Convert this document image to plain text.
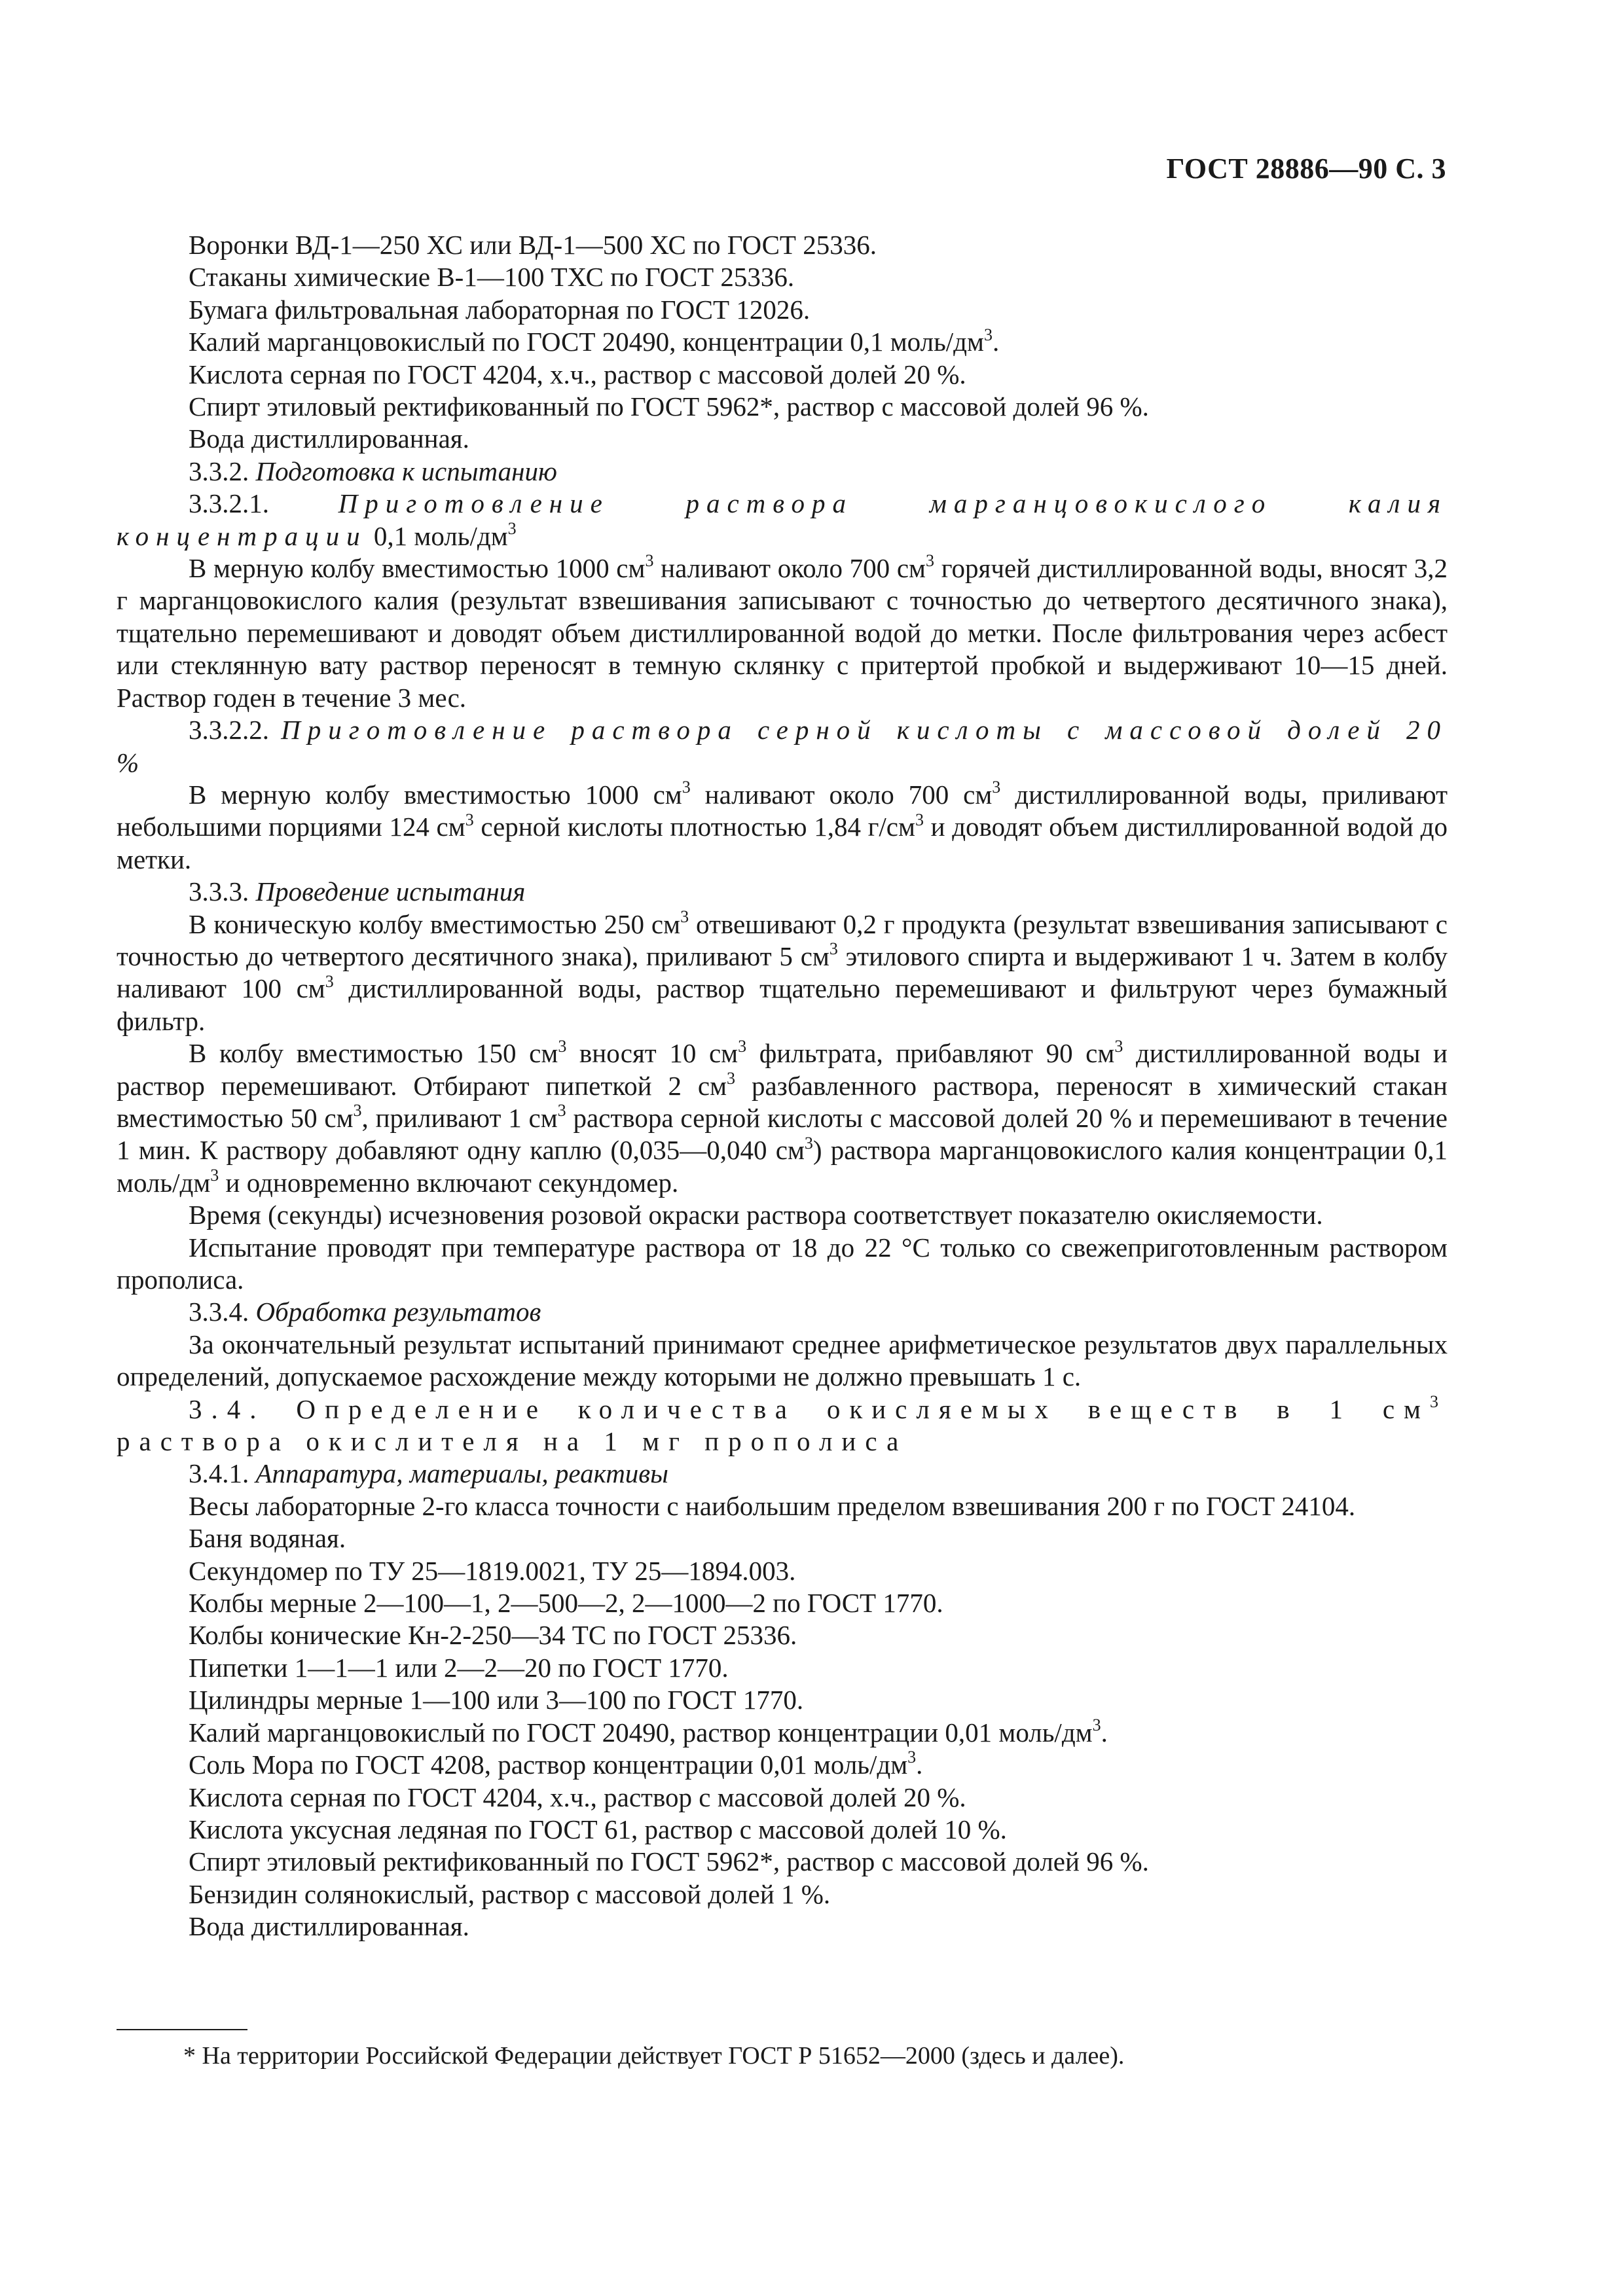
ГОСТ 28886—90 С. 3

Воронки ВД-1—250 ХС или ВД-1—500 ХС по ГОСТ 25336.

Стаканы химические В-1—100 ТХС по ГОСТ 25336.

Бумага фильтровальная лабораторная по ГОСТ 12026.

Калий марганцовокислый по ГОСТ 20490, концентрации 0,1 моль/$дм^3$.

Кислота серная по ГОСТ 4204, х.ч., раствор с массовой долей 20 %.

Спирт этиловый ректификованный по ГОСТ 5962*, раствор с массовой долей 96 %.

Вода дистиллированная.

3.3.2. Подготовка к испытанию

3.3.2.1.	Приготовление раствора марганцовокислого калия концентрации 0,1 моль/$дм^3$

В мерную колбу вместимостью 1000 $см^3$ наливают около 700 $см^3$ горячей дистиллированной воды, вносят 3,2 г марганцовокислого калия (результат взвешивания записывают с точностью до четвертого десятичного знака), тщательно перемешивают и доводят объем дистиллированной водой до метки. После фильтрования через асбест или стеклянную вату раствор переносят в темную склянку с притертой пробкой и выдерживают 10—15 дней. Раствор годен в течение 3 мес.

3.3.2.2. Приготовление раствора серной кислоты с массовой долей 20 %

В мерную колбу вместимостью 1000 $см^3$ наливают около 700 $см^3$ дистиллированной воды, приливают небольшими порциями 124 $см^3$ серной кислоты плотностью 1,84 $г/см^3$ и доводят объем дистиллированной водой до метки.

3.3.3. Проведение испытания

В коническую колбу вместимостью 250 $см^3$ отвешивают 0,2 г продукта (результат взвешивания записывают с точностью до четвертого десятичного знака), приливают 5 $см^3$ этилового спирта и выдерживают 1 ч. Затем в колбу наливают 100 $см^3$ дистиллированной воды, раствор тщательно перемешивают и фильтруют через бумажный фильтр.

В колбу вместимостью 150 $см^3$ вносят 10 $см^3$ фильтрата, прибавляют 90 $см^3$ дистиллированной воды и раствор перемешивают. Отбирают пипеткой 2 $см^3$ разбавленного раствора, переносят в химический стакан вместимостью 50 $см^3$, приливают 1 $см^3$ раствора серной кислоты с массовой долей 20 % и перемешивают в течение 1 мин. К раствору добавляют одну каплю (0,035—0,040 $см^3$) раствора марганцовокислого калия концентрации 0,1 моль/$дм^3$ и одновременно включают секундомер.

Время (секунды) исчезновения розовой окраски раствора соответствует показателю окисляемости.

Испытание проводят при температуре раствора от 18 до 22 °С только со свежеприготовленным раствором прополиса.

3.3.4. Обработка результатов

За окончательный результат испытаний принимают среднее арифметическое результатов двух параллельных определений, допускаемое расхождение между которыми не должно превышать 1 с.

3.4. Определение количества окисляемых веществ в 1 $см^3$ раствора окислителя на 1 мг прополиса

3.4.1. Аппаратура, материалы, реактивы

Весы лабораторные 2-го класса точности с наибольшим пределом взвешивания 200 г по ГОСТ 24104.

Баня водяная.

Секундомер по ТУ 25—1819.0021, ТУ 25—1894.003.

Колбы мерные 2—100—1, 2—500—2, 2—1000—2 по ГОСТ 1770.

Колбы конические Кн-2-250—34 ТС по ГОСТ 25336.

Пипетки 1—1—1 или 2—2—20 по ГОСТ 1770.

Цилиндры мерные 1—100 или 3—100 по ГОСТ 1770.

Калий марганцовокислый по ГОСТ 20490, раствор концентрации 0,01 моль/$дм^3$.

Соль Мора по ГОСТ 4208, раствор концентрации 0,01 моль/$дм^3$.

Кислота серная по ГОСТ 4204, х.ч., раствор с массовой долей 20 %.

Кислота уксусная ледяная по ГОСТ 61, раствор с массовой долей 10 %.

Спирт этиловый ректификованный по ГОСТ 5962*, раствор с массовой долей 96 %.

Бензидин солянокислый, раствор с массовой долей 1 %.

Вода дистиллированная.

* На территории Российской Федерации действует ГОСТ Р 51652—2000 (здесь и далее).
